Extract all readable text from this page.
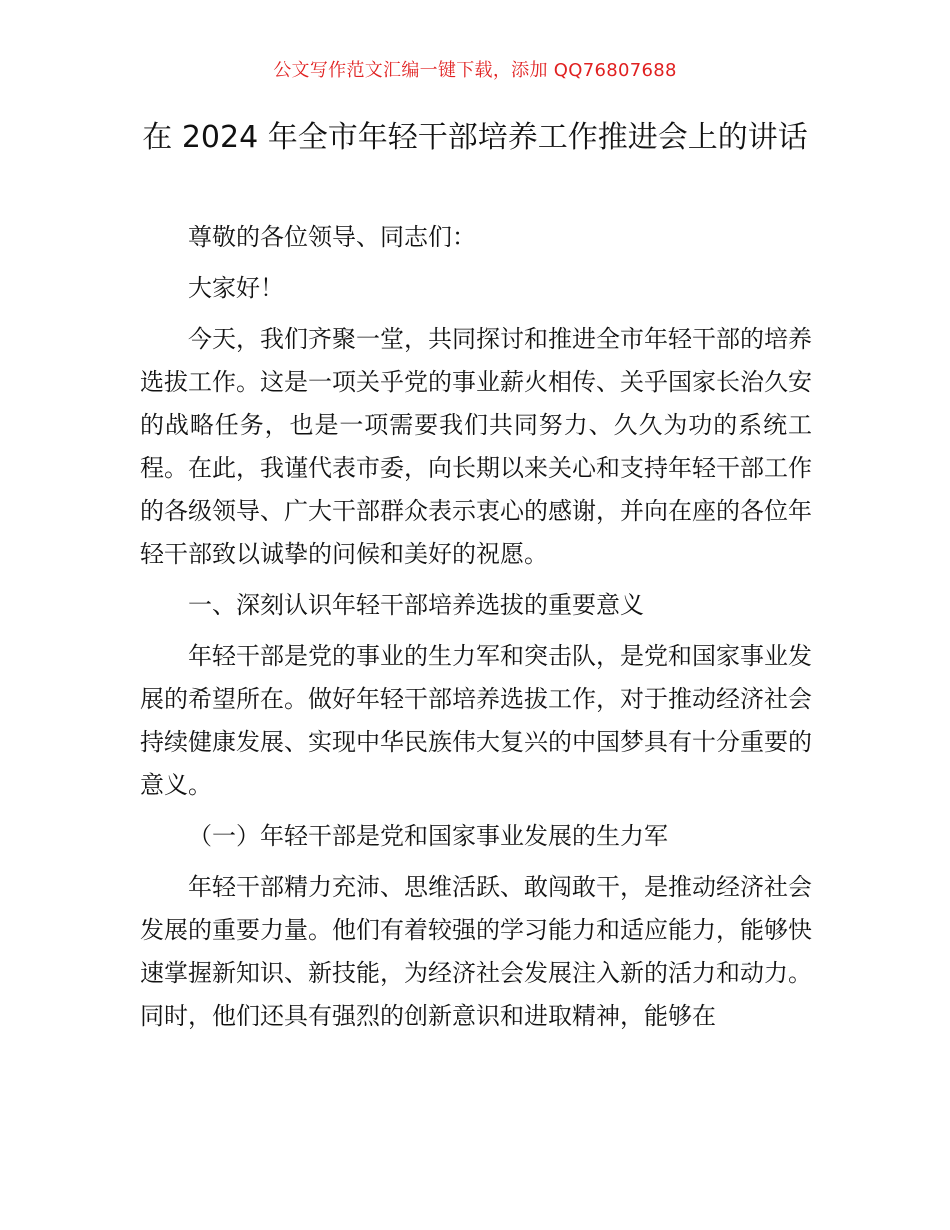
公文写作范文汇编一键下载，添加 QQ76807688
在 2024 年全市年轻干部培养工作推进会上的讲话

尊敬的各位领导、同志们：

大家好！

今天，我们齐聚一堂，共同探讨和推进全市年轻干部的培养选拔工作。这是一项关乎党的事业薪火相传、关乎国家长治久安的战略任务，也是一项需要我们共同努力、久久为功的系统工程。在此，我谨代表市委，向长期以来关心和支持年轻干部工作的各级领导、广大干部群众表示衷心的感谢，并向在座的各位年轻干部致以诚挚的问候和美好的祝愿。

一、深刻认识年轻干部培养选拔的重要意义

年轻干部是党的事业的生力军和突击队，是党和国家事业发展的希望所在。做好年轻干部培养选拔工作，对于推动经济社会持续健康发展、实现中华民族伟大复兴的中国梦具有十分重要的意义。

（一）年轻干部是党和国家事业发展的生力军

年轻干部精力充沛、思维活跃、敢闯敢干，是推动经济社会发展的重要力量。他们有着较强的学习能力和适应能力，能够快速掌握新知识、新技能，为经济社会发展注入新的活力和动力。同时，他们还具有强烈的创新意识和进取精神，能够在
